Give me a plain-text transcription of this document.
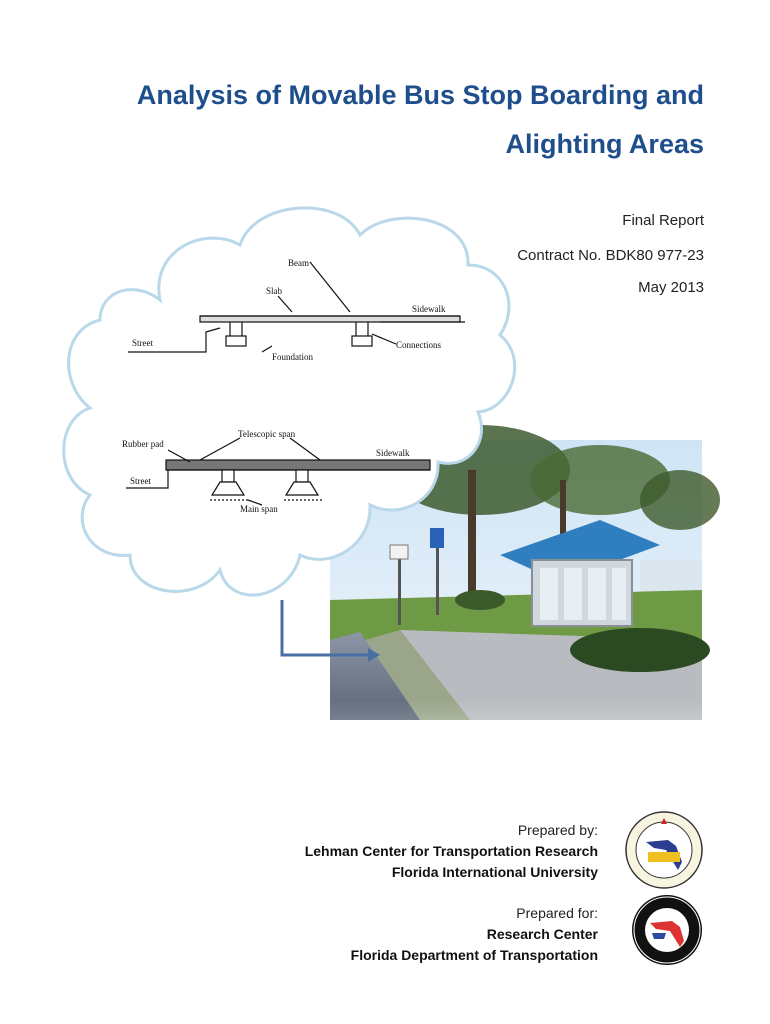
Analysis of Movable Bus Stop Boarding and
Alighting Areas
Final Report
Contract No. BDK80 977-23
May 2013
Beam
Slab
Sidewalk
Street	Connections
Foundation
Rubber pad
Telescopic span
Sidewalk
Street
Main span
Prepared by:
Lehman Center for Transportation Research
Florida International University
Prepared for:
Research Center
Florida Department of Transportation
